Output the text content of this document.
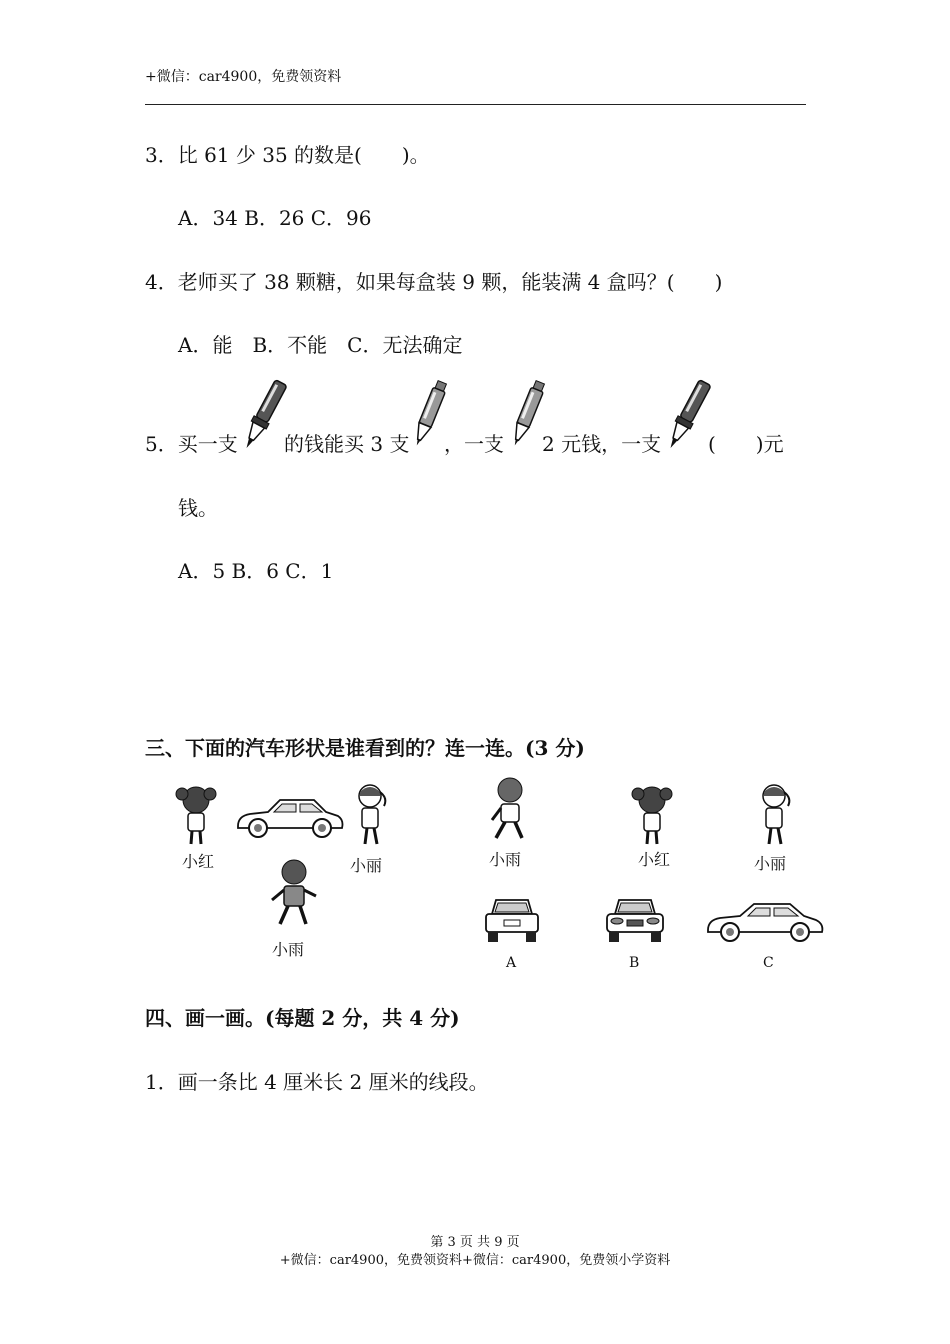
+微信：car4900，免费领资料
3．比 61 少 35 的数是(　　)。
A．34 B．26 C．96
4．老师买了 38 颗糖，如果每盒装 9 颗，能装满 4 盒吗？(　　)
A．能　B．不能　C．无法确定
5．买一支 的钱能买 3 支 ，一支 2 元钱，一支 (　　)元
钱。
A．5 B．6 C．1
三、下面的汽车形状是谁看到的？连一连。(3 分)
小红	小丽
小雨
小雨	小红	小丽
A	B	C
四、画一画。(每题 2 分，共 4 分)
1．画一条比 4 厘米长 2 厘米的线段。
第 3 页 共 9 页
+微信：car4900，免费领资料+微信：car4900，免费领小学资料
